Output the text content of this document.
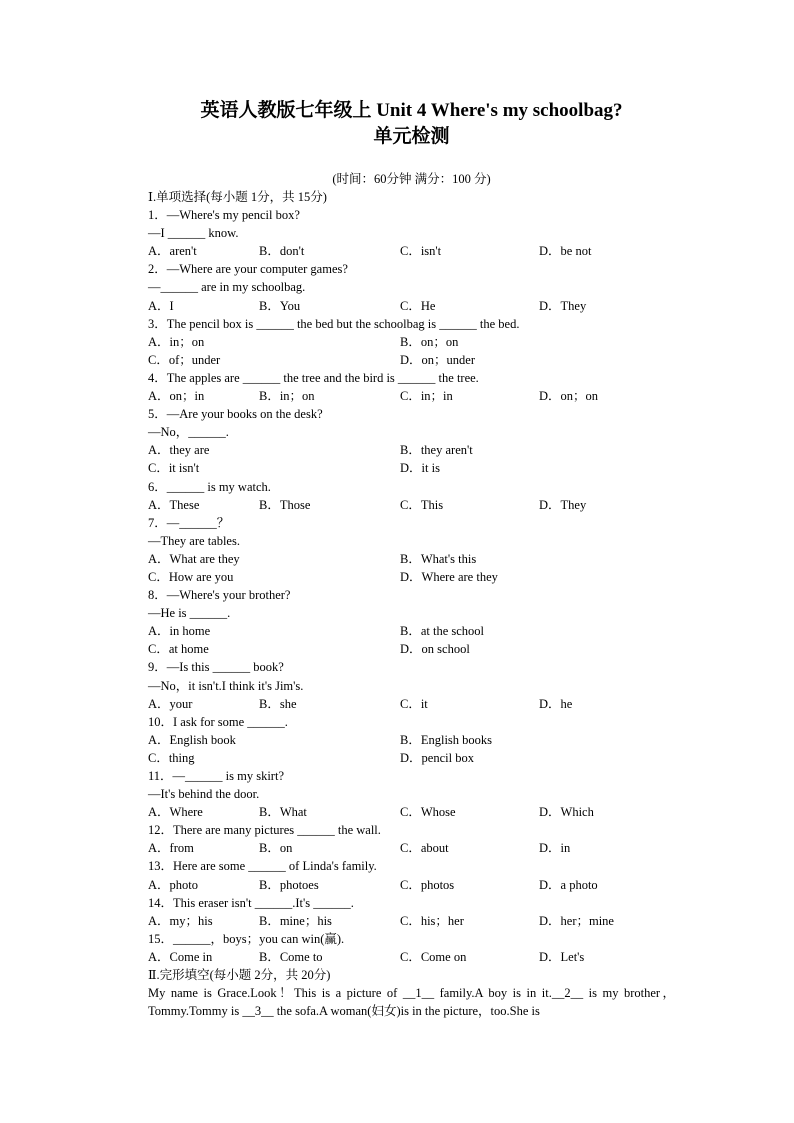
英语人教版七年级上 Unit 4 Where's my schoolbag?
单元检测
(时间：60分钟 满分：100 分)
Ⅰ.单项选择(每小题 1分，共 15分)
1．—Where's my pencil box?
—I ______ know.
A．aren't	B．don't	C．isn't	D．be not
2．—Where are your computer games?
—______ are in my schoolbag.
A．I	B．You	C．He	D．They
3．The pencil box is ______ the bed but the schoolbag is ______ the bed.
A．in；on	B．on；on
C．of；under	D．on；under
4．The apples are ______ the tree and the bird is ______ the tree.
A．on；in	B．in；on	C．in；in	D．on；on
5．—Are your books on the desk?
—No，______.
A．they are	B．they aren't
C．it isn't	D．it is
6．______ is my watch.
A．These	B．Those	C．This	D．They
7．—______？
—They are tables.
A．What are they	B．What's this
C．How are you	D．Where are they
8．—Where's your brother?
—He is ______.
A．in home	B．at the school
C．at home	D．on school
9．—Is this ______ book?
—No，it isn't.I think it's Jim's.
A．your	B．she	C．it	D．he
10．I ask for some ______.
A．English book	B．English books
C．thing	D．pencil box
11．—______ is my skirt?
—It's behind the door.
A．Where	B．What	C．Whose	D．Which
12．There are many pictures ______ the wall.
A．from	B．on	C．about	D．in
13．Here are some ______ of Linda's family.
A．photo	B．photoes	C．photos	D．a photo
14．This eraser isn't ______.It's ______.
A．my；his	B．mine；his	C．his；her	D．her；mine
15．______，boys；you can win(赢).
A．Come in	B．Come to	C．Come on	D．Let's
Ⅱ.完形填空(每小题 2分，共 20分)
My name is Grace.Look！This is a picture of __1__ family.A boy is in it.__2__ is my brother，Tommy.Tommy is __3__ the sofa.A woman(妇女)is in the picture，too.She is
